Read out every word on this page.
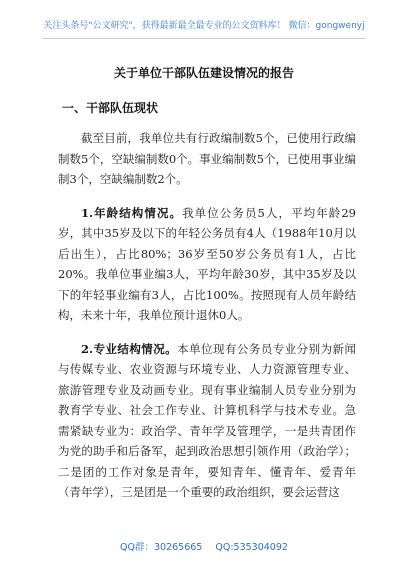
关注头条号"公文研究"，获得最新最全最专业的公文资料库！ 微信：gongwenyj
关于单位干部队伍建设情况的报告
一、干部队伍现状

截至目前，我单位共有行政编制数5个，已使用行政编制数5个，空缺编制数0个。事业编制数5个，已使用事业编制3个，空缺编制数2个。

1.年龄结构情况。我单位公务员5人，平均年龄29岁，其中35岁及以下的年轻公务员有4人（1988年10月以后出生），占比80%；36岁至50岁公务员有1人，占比20%。我单位事业编3人，平均年龄30岁，其中35岁及以下的年轻事业编有3人，占比100%。按照现有人员年龄结构，未来十年，我单位预计退休0人。

2.专业结构情况。本单位现有公务员专业分别为新闻与传媒专业、农业资源与环境专业、人力资源管理专业、旅游管理专业及动画专业。现有事业编制人员专业分别为教育学专业、社会工作专业、计算机科学与技术专业。急需紧缺专业为：政治学、青年学及管理学，一是共青团作为党的助手和后备军，起到政治思想引领作用（政治学）；二是团的工作对象是青年，要知青年、懂青年、爱青年（青年学），三是团是一个重要的政治组织，要会运营这

QQ群：30265665 QQ:535304092
